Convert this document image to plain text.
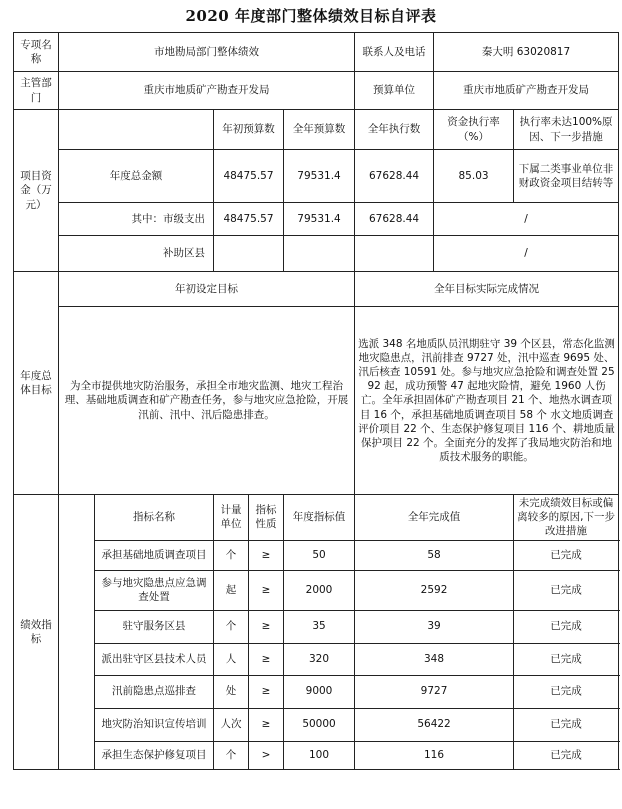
2020 年度部门整体绩效目标自评表
专项名称	市地勘局部门整体绩效					联系人及电话	秦大明 63020817	
主管部门	重庆市地质矿产勘查开发局					预算单位	重庆市地质矿产勘查开发局	
项目资金（万元）			年初预算数		全年预算数	全年执行数	资金执行率（%）	执行率未达100%原因、下一步措施
	年度总金额		48475.57		79531.4	67628.44	85.03	下属二类事业单位非财政资金项目结转等
	其中：市级支出		48475.57		79531.4	67628.44	/	
	补助区县						/	
年度总体目标	年初设定目标					全年目标实际完成情况		
	为全市提供地灾防治服务，承担全市地灾监测、地灾工程治理、基础地质调查和矿产勘查任务，参与地灾应急抢险，开展汛前、汛中、汛后隐患排查。					选派 348 名地质队员汛期驻守 39 个区县，常态化监测地灾隐患点，汛前排查 9727 处，汛中巡查 9695 处、汛后核查 10591 处。参与地灾应急抢险和调查处置 2592 起，成功预警 47 起地灾险情，避免 1960 人伤亡。全年承担固体矿产勘查项目 21 个、地热水调查项目 16 个，承担基础地质调查项目 58 个 水文地质调查评价项目 22 个、生态保护修复项目 116 个、耕地质量保护项目 22 个。全面充分的发挥了我局地灾防治和地质技术服务的职能。		
绩效指标		指标名称	计量单位	指标性质	年度指标值	全年完成值		未完成绩效目标或偏离较多的原因,下一步改进措施
		承担基础地质调查项目	个	≥	50	58		已完成
		参与地灾隐患点应急调查处置	起	≥	2000	2592		已完成
		驻守服务区县	个	≥	35	39		已完成
		派出驻守区县技术人员	人	≥	320	348		已完成
		汛前隐患点巡排查	处	≥	9000	9727		已完成
		地灾防治知识宣传培训	人次	≥	50000	56422		已完成
		承担生态保护修复项目	个	>	100	116		已完成
